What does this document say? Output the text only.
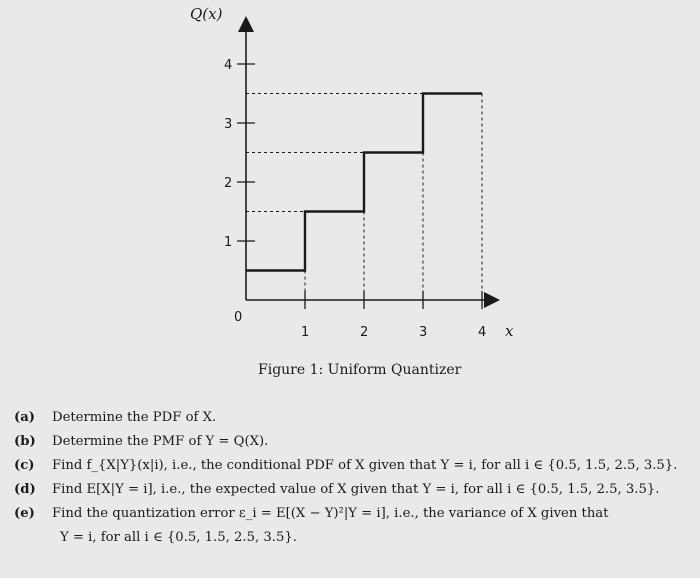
1	2	3	4
1
2
3
4
Q(x)
x
0
Figure 1: Uniform Quantizer
(a) Determine the PDF of X.
(b) Determine the PMF of Y = Q(X).
(c) Find f_{X|Y}(x|i), i.e., the conditional PDF of X given that Y = i, for all i ∈ {0.5, 1.5, 2.5, 3.5}.
(d) Find E[X|Y = i], i.e., the expected value of X given that Y = i, for all i ∈ {0.5, 1.5, 2.5, 3.5}.
(e) Find the quantization error ε_i = E[(X − Y)²|Y = i], i.e., the variance of X given that
Y = i, for all i ∈ {0.5, 1.5, 2.5, 3.5}.
